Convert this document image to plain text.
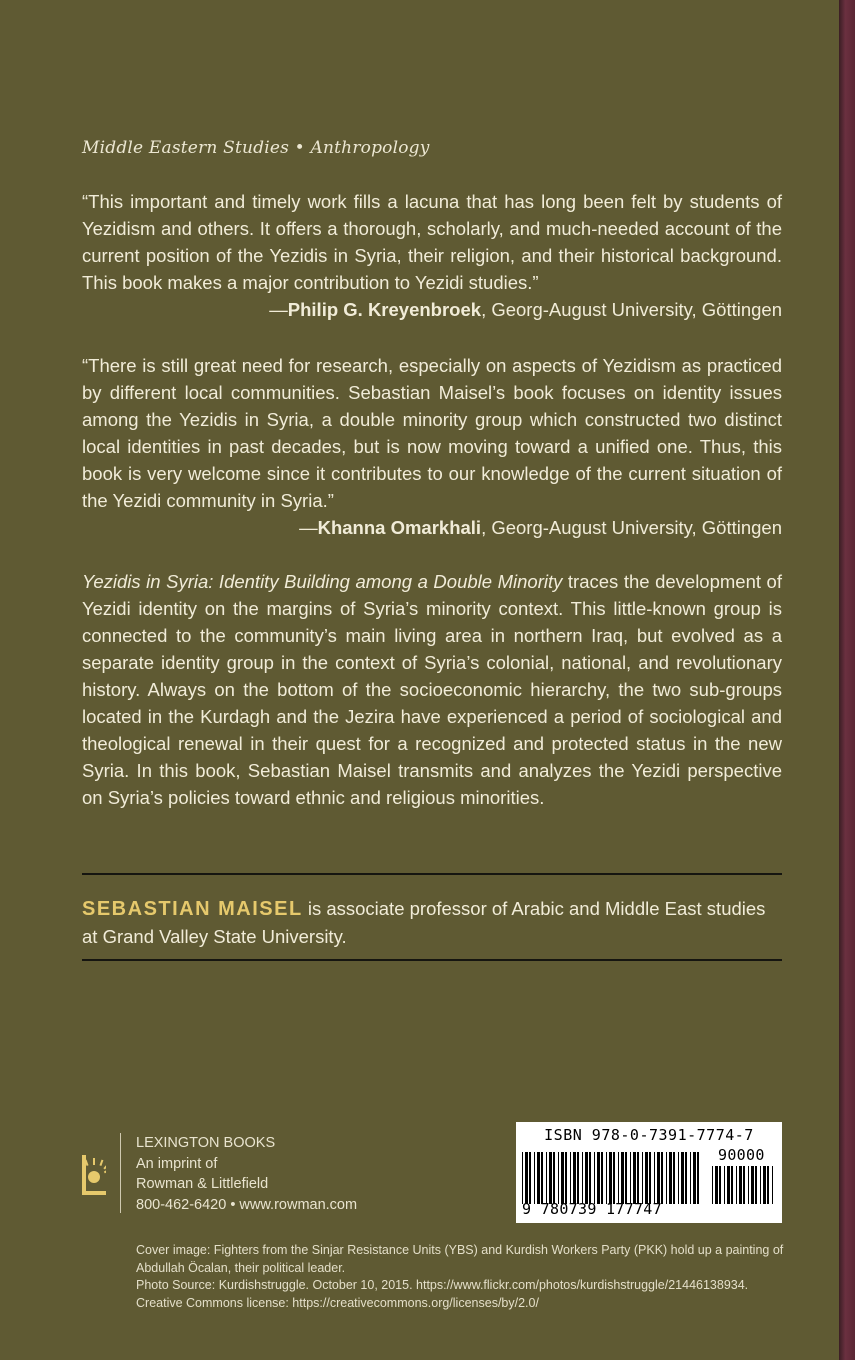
Middle Eastern Studies • Anthropology
“This important and timely work fills a lacuna that has long been felt by students of Yezidism and others. It offers a thorough, scholarly, and much-needed account of the current position of the Yezidis in Syria, their religion, and their historical background. This book makes a major contribution to Yezidi studies.”
—Philip G. Kreyenbroek, Georg-August University, Göttingen
“There is still great need for research, especially on aspects of Yezidism as practiced by different local communities. Sebastian Maisel’s book focuses on identity issues among the Yezidis in Syria, a double minority group which constructed two distinct local identities in past decades, but is now moving toward a unified one. Thus, this book is very welcome since it contributes to our knowledge of the current situation of the Yezidi community in Syria.”
—Khanna Omarkhali, Georg-August University, Göttingen
Yezidis in Syria: Identity Building among a Double Minority traces the development of Yezidi identity on the margins of Syria’s minority context. This little-known group is connected to the community’s main living area in northern Iraq, but evolved as a separate identity group in the context of Syria’s colonial, national, and revolutionary history. Always on the bottom of the socioeconomic hierarchy, the two sub-groups located in the Kurdagh and the Jezira have experienced a period of sociological and theological renewal in their quest for a recognized and protected status in the new Syria. In this book, Sebastian Maisel transmits and analyzes the Yezidi perspective on Syria’s policies toward ethnic and religious minorities.
SEBASTIAN MAISEL is associate professor of Arabic and Middle East studies at Grand Valley State University.
LEXINGTON BOOKS
An imprint of
Rowman & Littlefield
800-462-6420 • www.rowman.com
ISBN 978-0-7391-7774-7
90000
9 780739 177747
Cover image: Fighters from the Sinjar Resistance Units (YBS) and Kurdish Workers Party (PKK) hold up a painting of Abdullah Öcalan, their political leader.
Photo Source: Kurdishstruggle. October 10, 2015. https://www.flickr.com/photos/kurdishstruggle/21446138934. Creative Commons license: https://creativecommons.org/licenses/by/2.0/
